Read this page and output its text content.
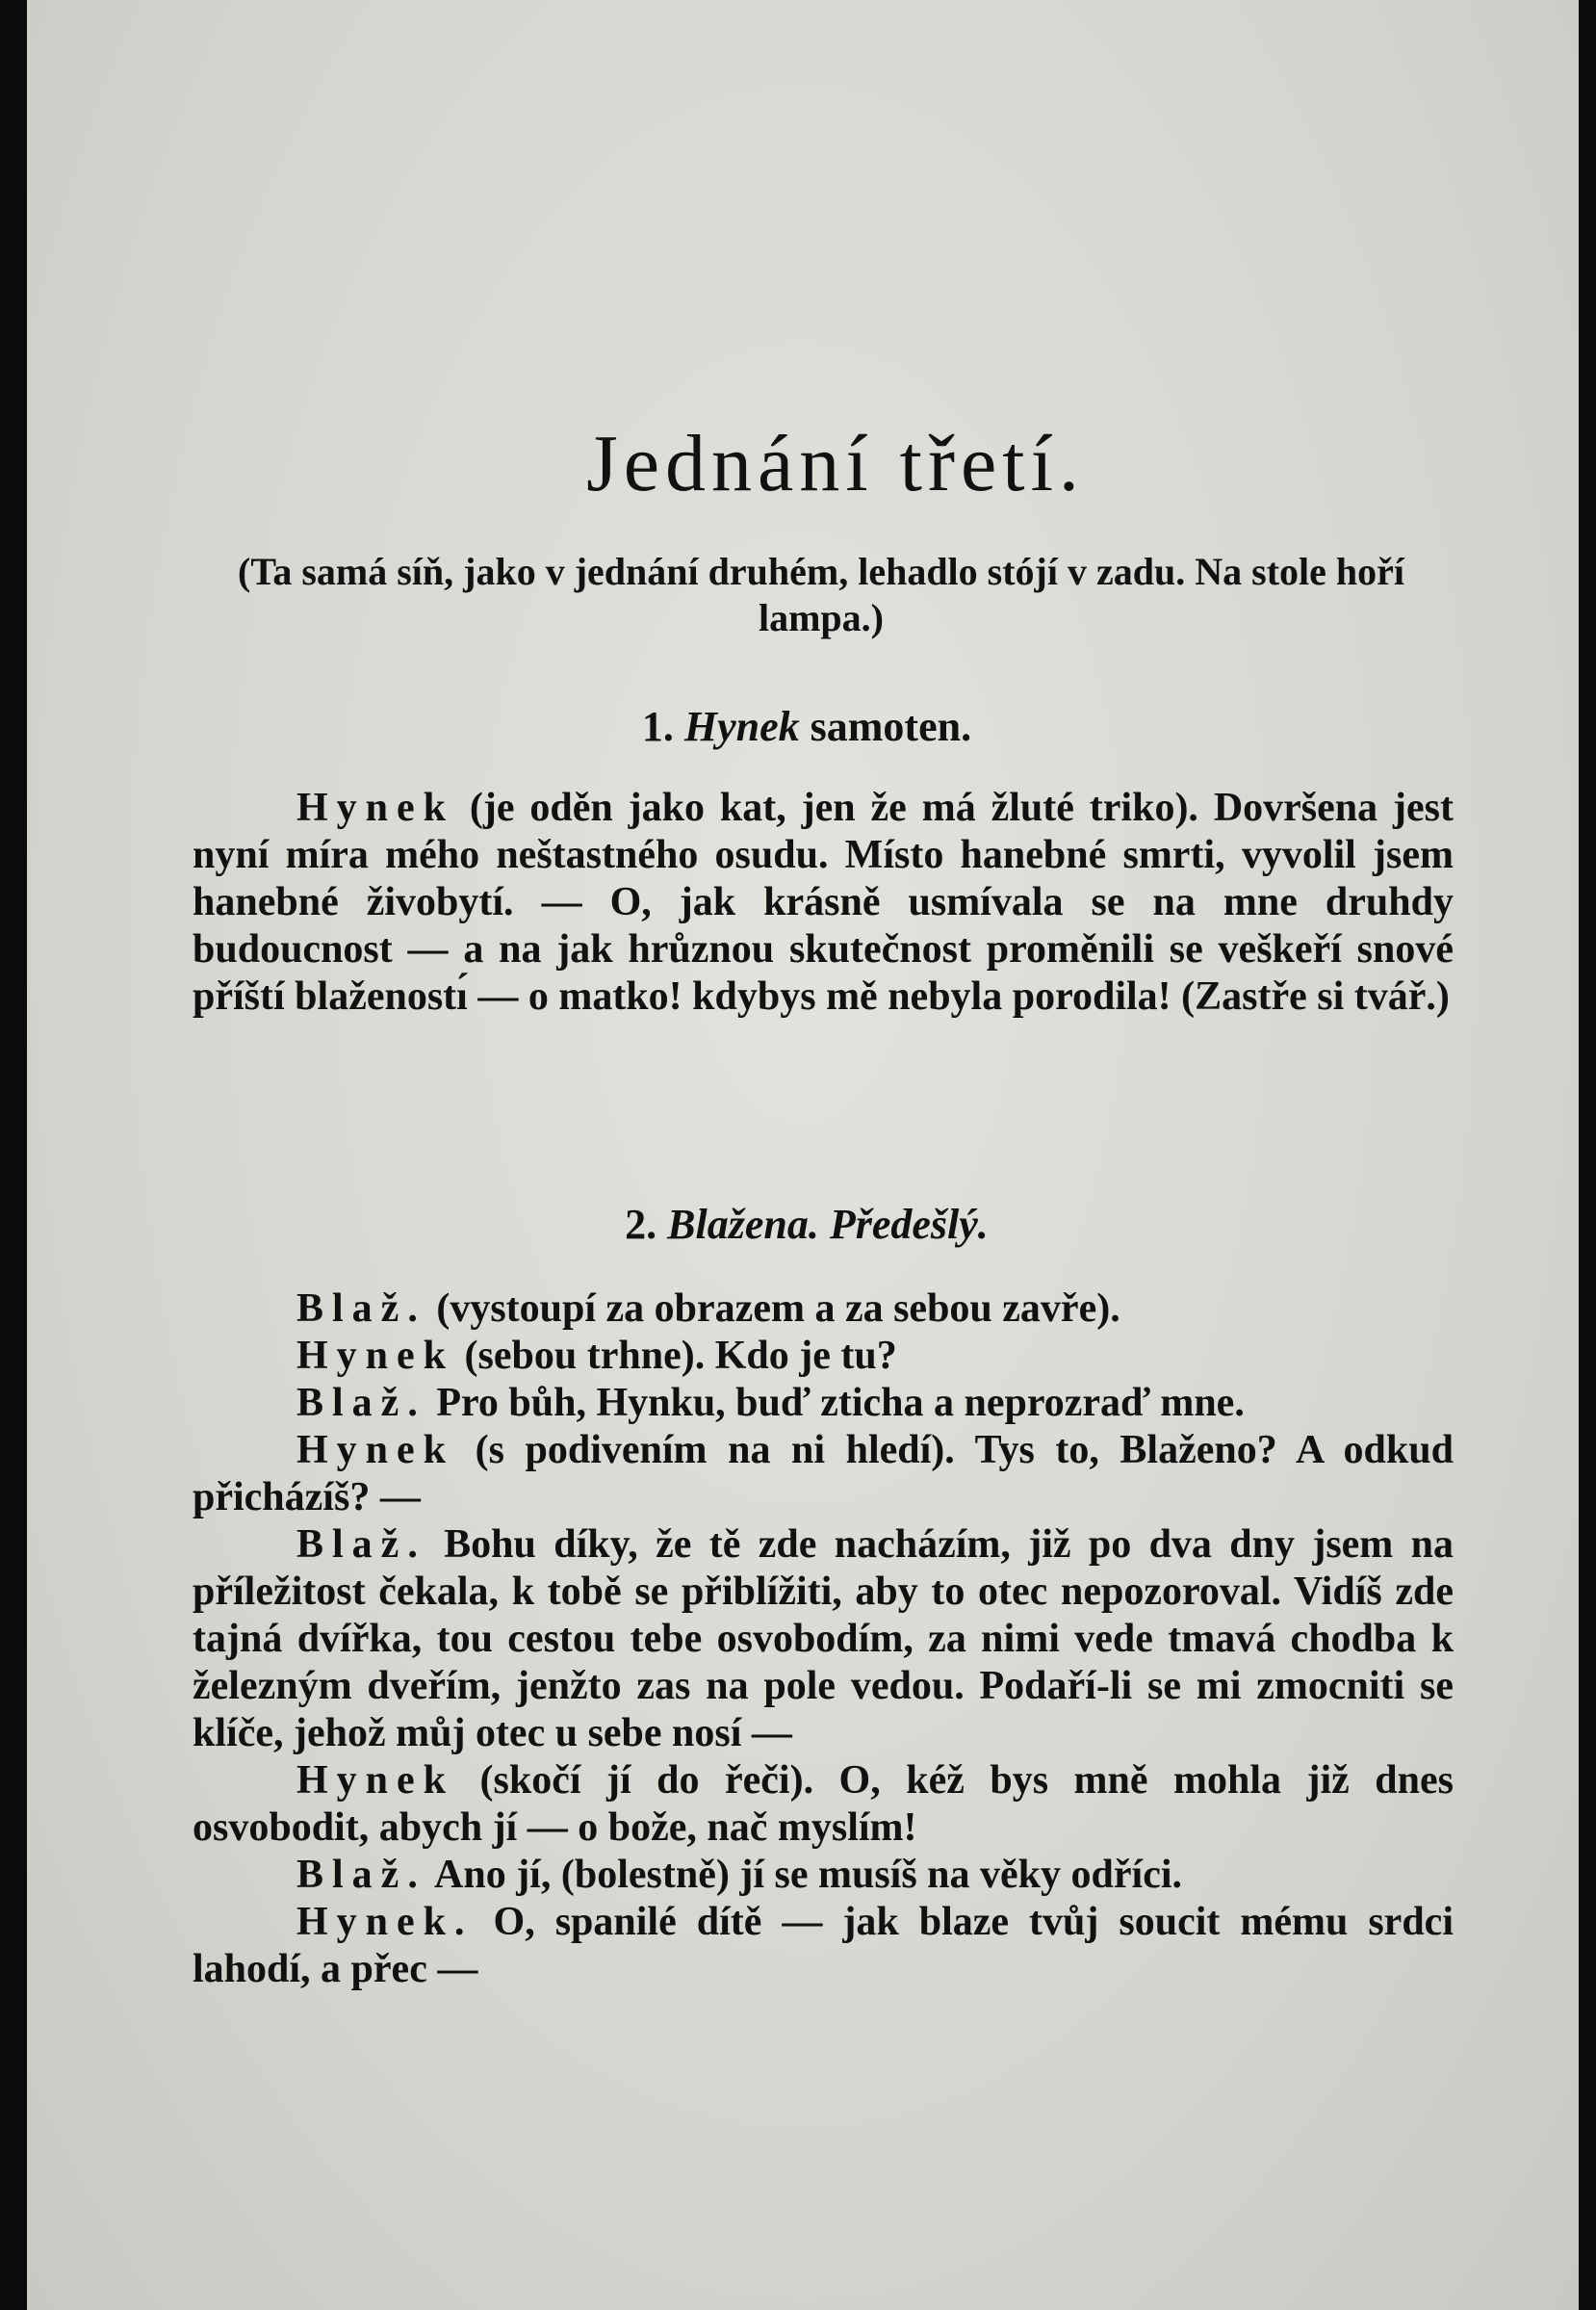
Jednání třetí.
(Ta samá síň, jako v jednání druhém, lehadlo stójí v zadu. Na stole hoří lampa.)
1. Hynek samoten.
Hynek (je oděn jako kat, jen že má žluté triko). Dovršena jest nyní míra mého neštastného osudu. Místo hanebné smrti, vyvolil jsem hanebné živobytí. — O, jak krásně usmívala se na mne druhdy budoucnost — a na jak hrůznou skutečnost proměnili se veškeří snové příští blaženostı́ — o matko! kdybys mě nebyla porodila! (Zastře si tvář.)
2. Blažena. Předešlý.
Blaž. (vystoupí za obrazem a za sebou zavře).
Hynek (sebou trhne). Kdo je tu?
Blaž. Pro bůh, Hynku, buď zticha a neprozraď mne.
Hynek (s podivením na ni hledí). Tys to, Blaženo? A odkud přicházíš? —
Blaž. Bohu díky, že tě zde nacházím, již po dva dny jsem na příležitost čekala, k tobě se přiblížiti, aby to otec nepozoroval. Vidíš zde tajná dvířka, tou cestou tebe osvobodím, za nimi vede tmavá chodba k železným dveřím, jenžto zas na pole vedou. Podaří-li se mi zmocniti se klíče, jehož můj otec u sebe nosí —
Hynek (skočí jí do řeči). O, kéž bys mně mohla již dnes osvobodit, abych jí — o bože, nač myslím!
Blaž. Ano jí, (bolestně) jí se musíš na věky odříci.
Hynek. O, spanilé dítě — jak blaze tvůj soucit mému srdci lahodí, a přec —
